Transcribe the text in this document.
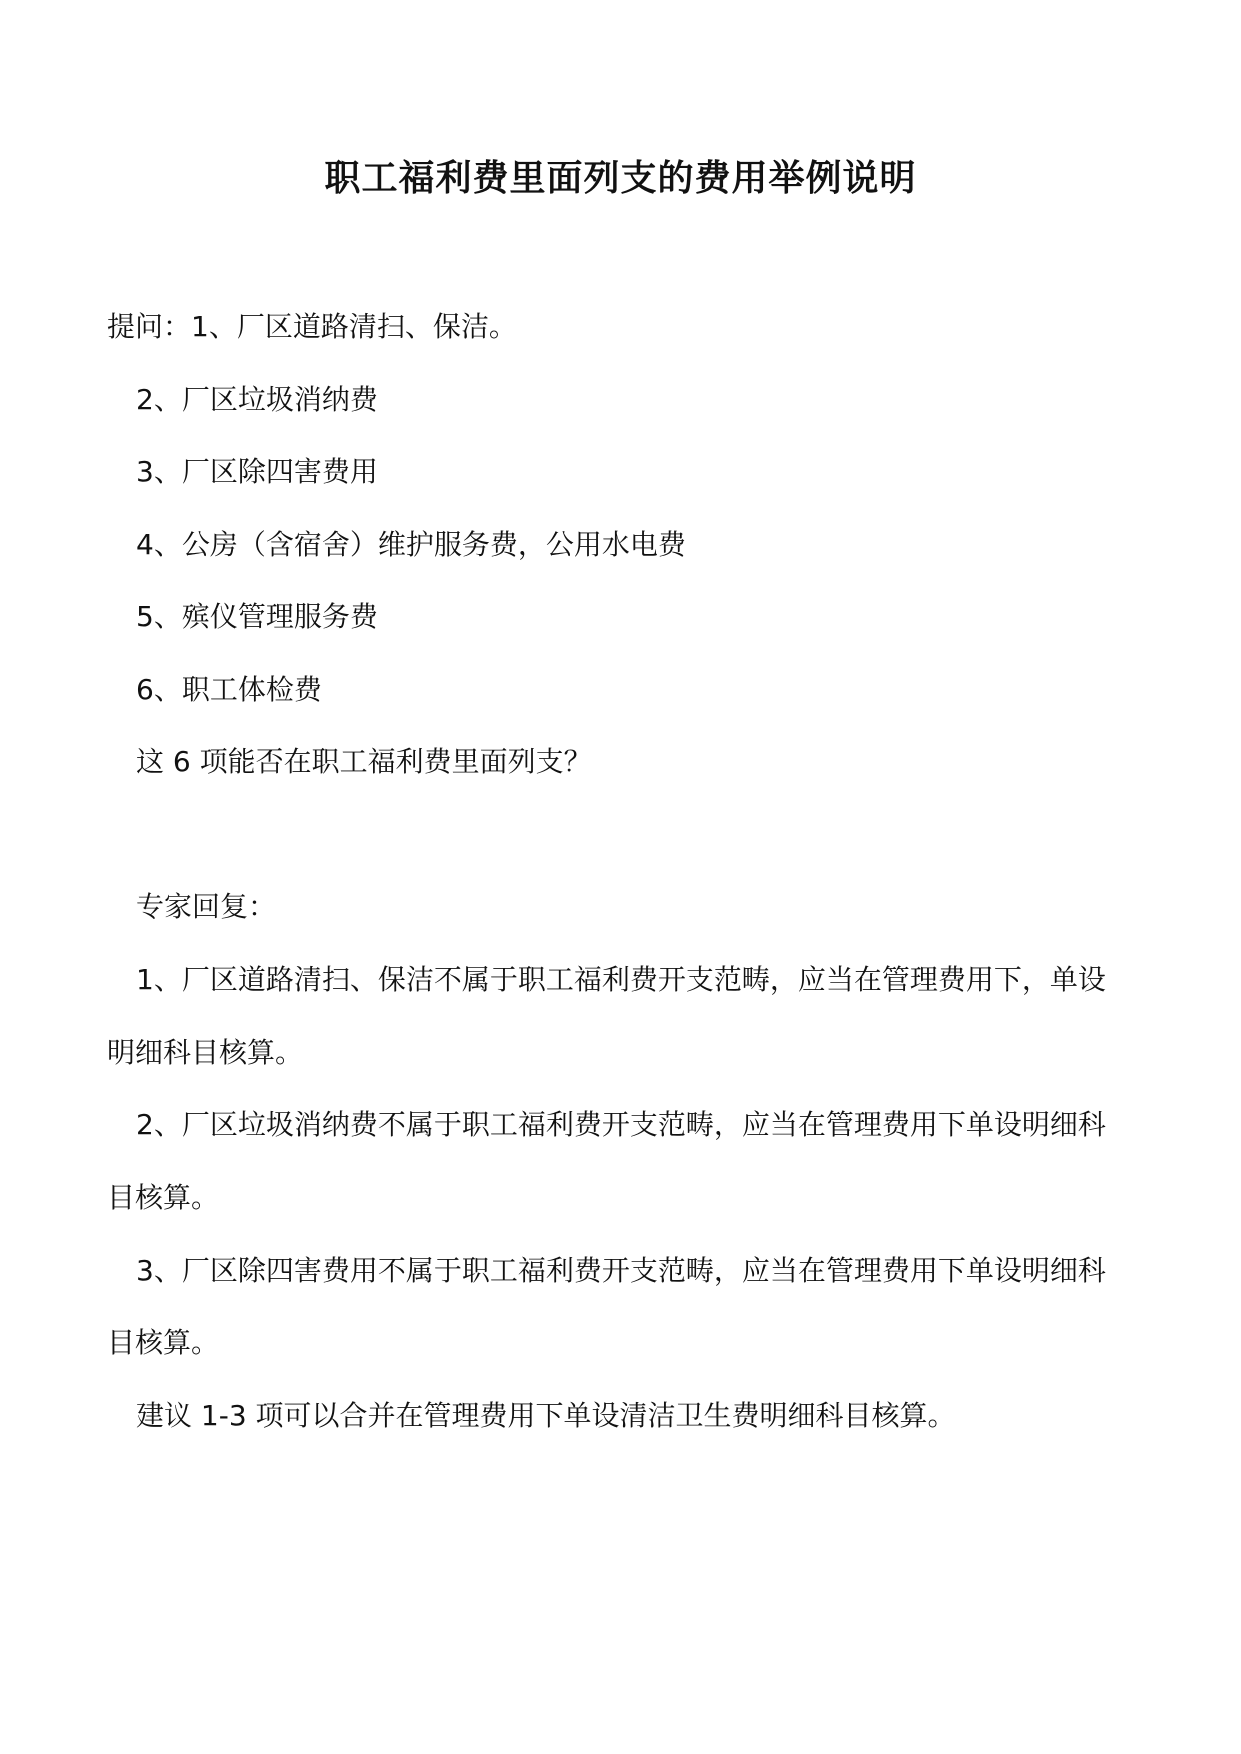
职工福利费里面列支的费用举例说明
提问：1、厂区道路清扫、保洁。
2、厂区垃圾消纳费
3、厂区除四害费用
4、公房（含宿舍）维护服务费，公用水电费
5、殡仪管理服务费
6、职工体检费
这 6 项能否在职工福利费里面列支？
专家回复：
1、厂区道路清扫、保洁不属于职工福利费开支范畴，应当在管理费用下，单设
明细科目核算。
2、厂区垃圾消纳费不属于职工福利费开支范畴，应当在管理费用下单设明细科
目核算。
3、厂区除四害费用不属于职工福利费开支范畴，应当在管理费用下单设明细科
目核算。
建议 1-3 项可以合并在管理费用下单设清洁卫生费明细科目核算。
